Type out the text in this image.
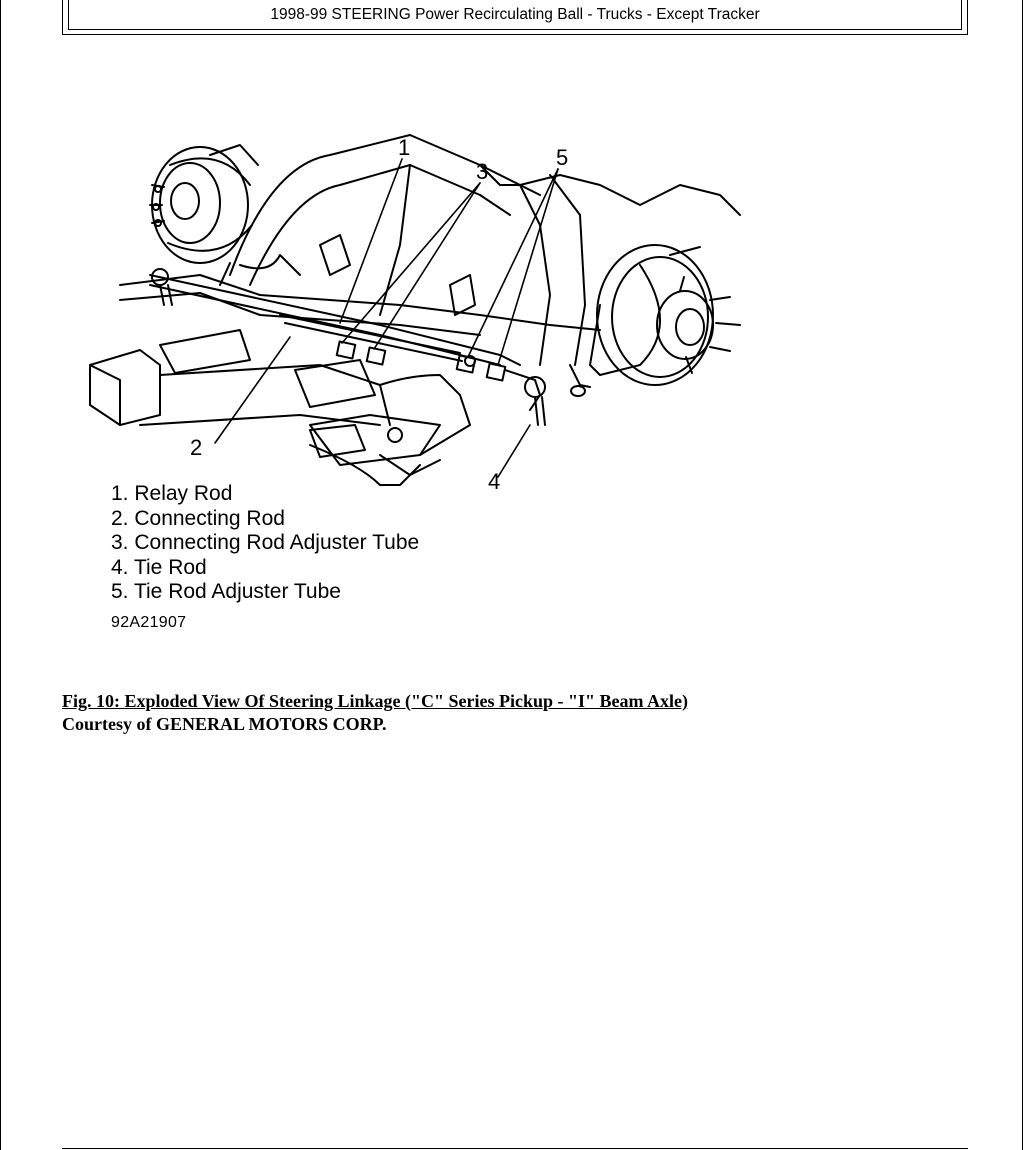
1998-99 STEERING Power Recirculating Ball - Trucks - Except Tracker
1
2
3
4
5
1. Relay Rod
2. Connecting Rod
3. Connecting Rod Adjuster Tube
4. Tie Rod
5. Tie Rod Adjuster Tube
92A21907
Fig. 10: Exploded View Of Steering Linkage ("C" Series Pickup - "I" Beam Axle)
Courtesy of GENERAL MOTORS CORP.
